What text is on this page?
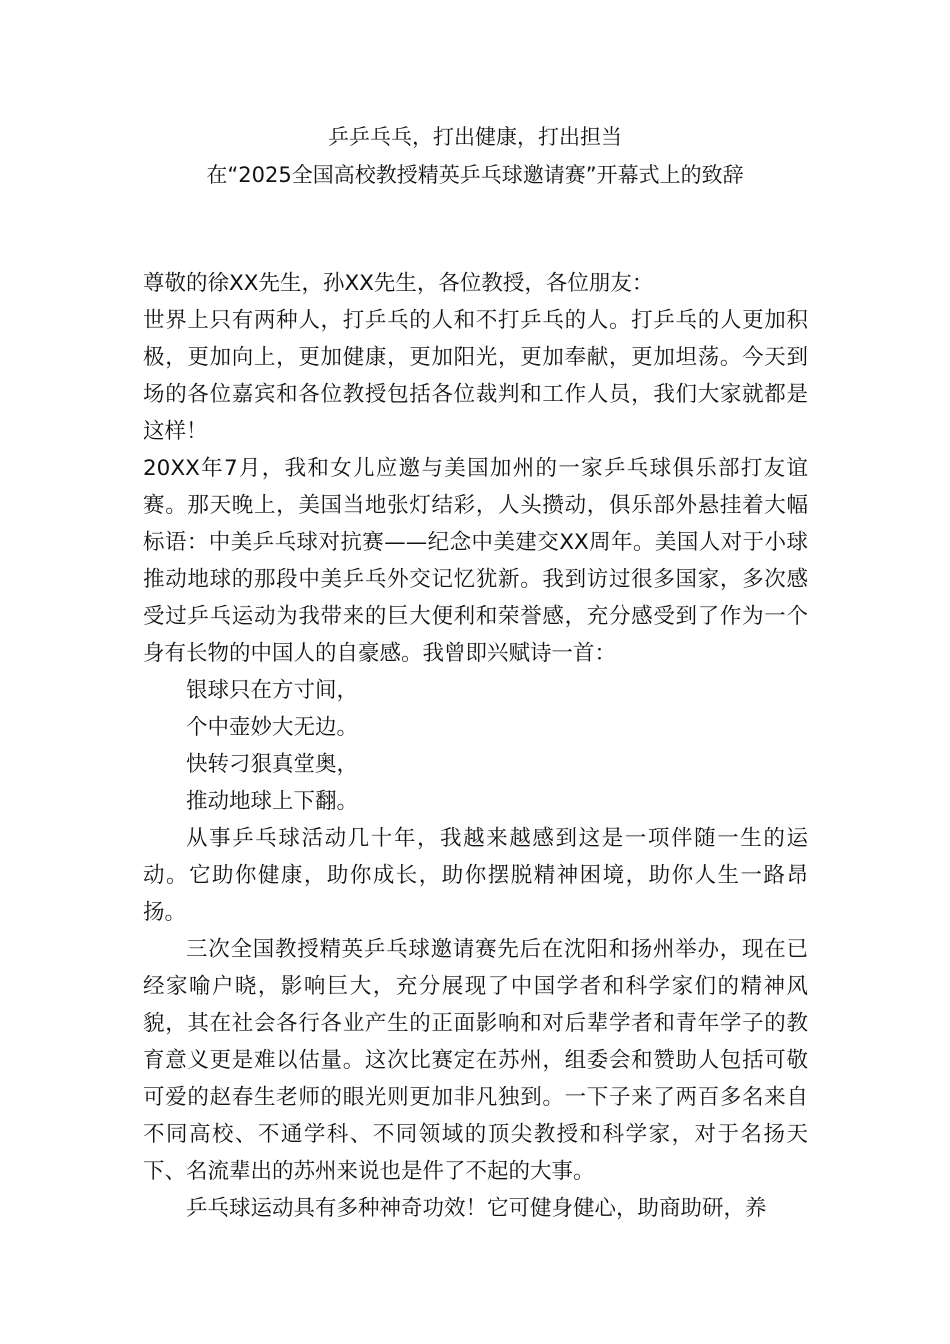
乒乒乓乓，打出健康，打出担当
在“2025全国高校教授精英乒乓球邀请赛”开幕式上的致辞

尊敬的徐XX先生，孙XX先生，各位教授，各位朋友：

世界上只有两种人，打乒乓的人和不打乒乓的人。打乒乓的人更加积极，更加向上，更加健康，更加阳光，更加奉献，更加坦荡。今天到场的各位嘉宾和各位教授包括各位裁判和工作人员，我们大家就都是这样！

20XX年7月，我和女儿应邀与美国加州的一家乒乓球俱乐部打友谊赛。那天晚上，美国当地张灯结彩，人头攒动，俱乐部外悬挂着大幅标语：中美乒乓球对抗赛——纪念中美建交XX周年。美国人对于小球推动地球的那段中美乒乓外交记忆犹新。我到访过很多国家，多次感受过乒乓运动为我带来的巨大便利和荣誉感，充分感受到了作为一个身有长物的中国人的自豪感。我曾即兴赋诗一首：

银球只在方寸间，

个中壶妙大无边。

快转刁狠真堂奥，

推动地球上下翻。

从事乒乓球活动几十年，我越来越感到这是一项伴随一生的运动。它助你健康，助你成长，助你摆脱精神困境，助你人生一路昂扬。

三次全国教授精英乒乓球邀请赛先后在沈阳和扬州举办，现在已经家喻户晓，影响巨大，充分展现了中国学者和科学家们的精神风貌，其在社会各行各业产生的正面影响和对后辈学者和青年学子的教育意义更是难以估量。这次比赛定在苏州，组委会和赞助人包括可敬可爱的赵春生老师的眼光则更加非凡独到。一下子来了两百多名来自不同高校、不通学科、不同领域的顶尖教授和科学家，对于名扬天下、名流辈出的苏州来说也是件了不起的大事。

乒乓球运动具有多种神奇功效！它可健身健心，助商助研，养
